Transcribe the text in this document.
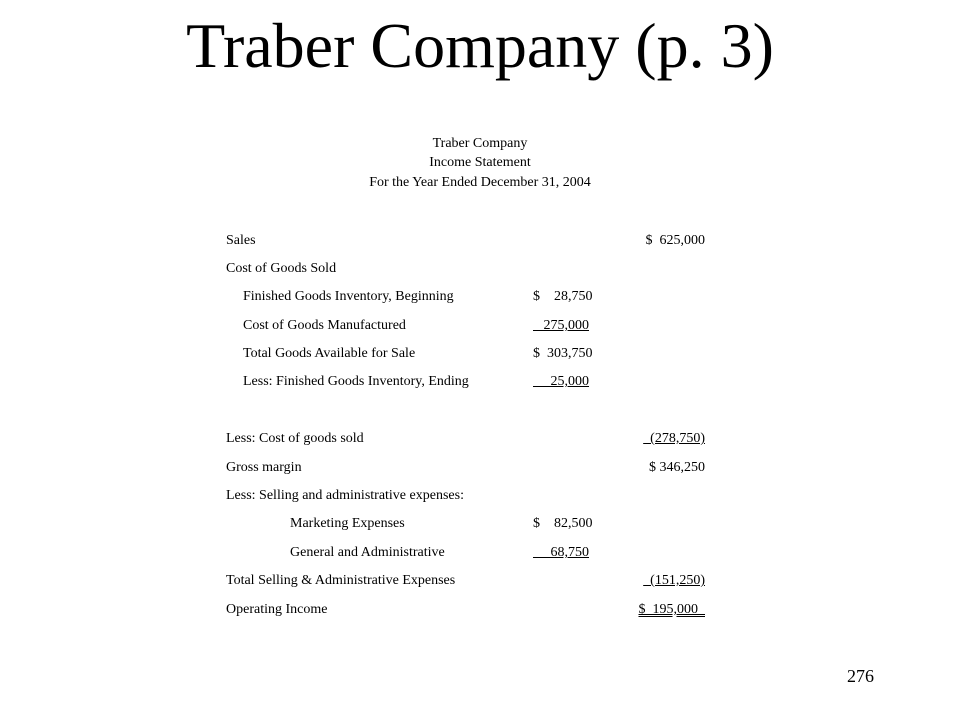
Traber Company (p. 3)
Traber Company
Income Statement
For the Year Ended December 31, 2004
Sales	$  625,000
Cost of Goods Sold
Finished Goods Inventory, Beginning	$    28,750
Cost of Goods Manufactured	275,000
Total Goods Available for Sale	$  303,750
Less: Finished Goods Inventory, Ending	25,000
Less: Cost of goods sold	(278,750)
Gross margin	$ 346,250
Less: Selling and administrative expenses:
Marketing Expenses	$    82,500
General and Administrative	68,750
Total Selling & Administrative Expenses	(151,250)
Operating Income	$  195,000
276
